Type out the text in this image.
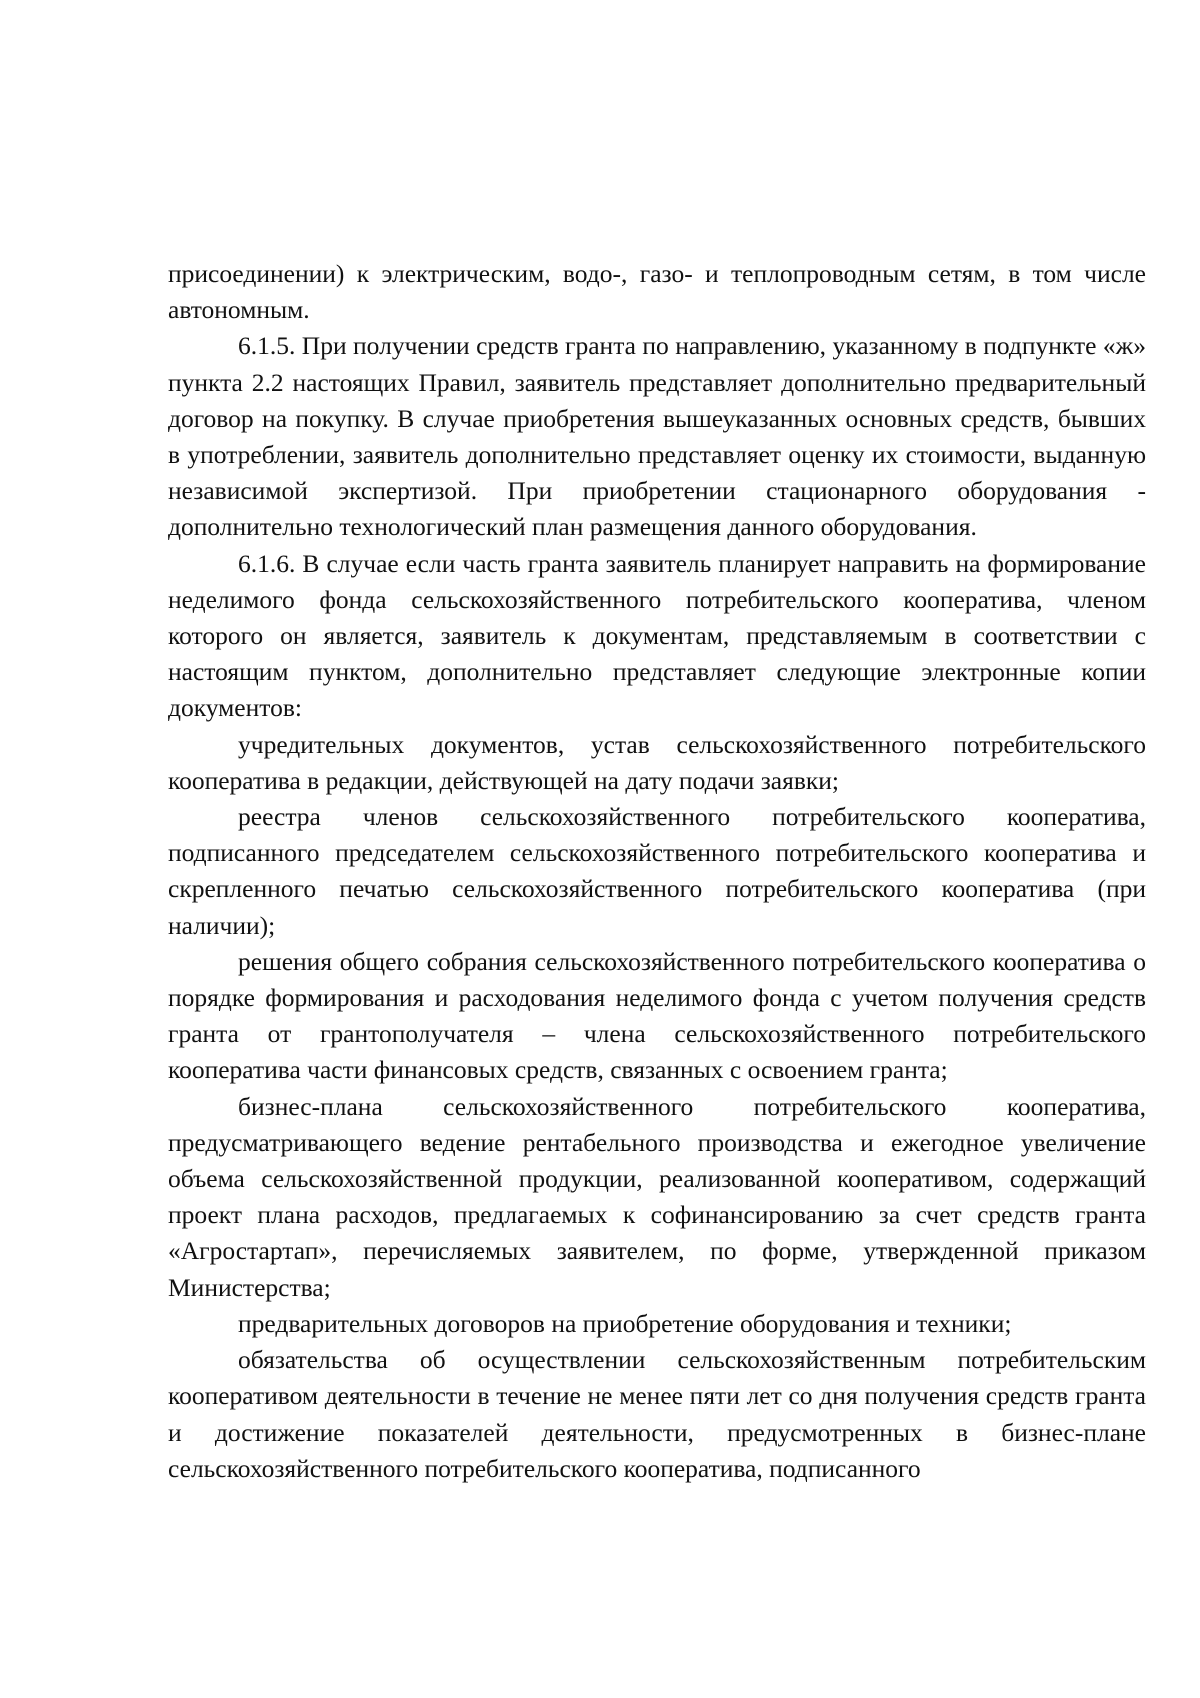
присоединении) к электрическим, водо-, газо- и теплопроводным сетям, в том числе автономным.

6.1.5. При получении средств гранта по направлению, указанному в подпункте «ж» пункта 2.2 настоящих Правил, заявитель представляет дополнительно предварительный договор на покупку. В случае приобретения вышеуказанных основных средств, бывших в употреблении, заявитель дополнительно представляет оценку их стоимости, выданную независимой экспертизой. При приобретении стационарного оборудования - дополнительно технологический план размещения данного оборудования.

6.1.6. В случае если часть гранта заявитель планирует направить на формирование неделимого фонда сельскохозяйственного потребительского кооператива, членом которого он является, заявитель к документам, представляемым в соответствии с настоящим пунктом, дополнительно представляет следующие электронные копии документов:

учредительных документов, устав сельскохозяйственного потребительского кооператива в редакции, действующей на дату подачи заявки;

реестра членов сельскохозяйственного потребительского кооператива, подписанного председателем сельскохозяйственного потребительского кооператива и скрепленного печатью сельскохозяйственного потребительского кооператива (при наличии);

решения общего собрания сельскохозяйственного потребительского кооператива о порядке формирования и расходования неделимого фонда с учетом получения средств гранта от грантополучателя – члена сельскохозяйственного потребительского кооператива части финансовых средств, связанных с освоением гранта;

бизнес-плана сельскохозяйственного потребительского кооператива, предусматривающего ведение рентабельного производства и ежегодное увеличение объема сельскохозяйственной продукции, реализованной кооперативом, содержащий проект плана расходов, предлагаемых к софинансированию за счет средств гранта «Агростартап», перечисляемых заявителем, по форме, утвержденной приказом Министерства;

предварительных договоров на приобретение оборудования и техники;

обязательства об осуществлении сельскохозяйственным потребительским кооперативом деятельности в течение не менее пяти лет со дня получения средств гранта и достижение показателей деятельности, предусмотренных в бизнес-плане сельскохозяйственного потребительского кооператива, подписанного
